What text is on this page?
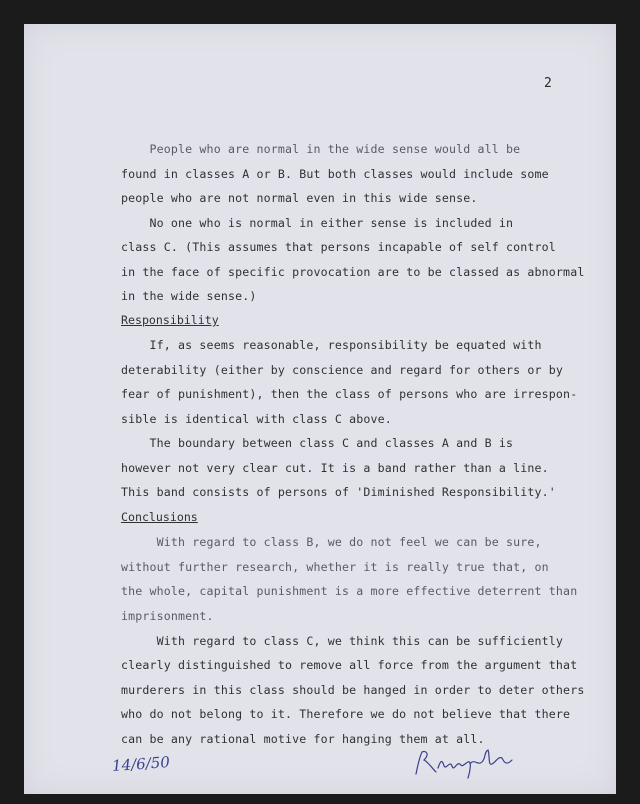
2
People who are normal in the wide sense would all be
found in classes A or B. But both classes would include some
people who are not normal even in this wide sense.
No one who is normal in either sense is included in
class C. (This assumes that persons incapable of self control
in the face of specific provocation are to be classed as abnormal
in the wide sense.)
Responsibility
If, as seems reasonable, responsibility be equated with
deterability (either by conscience and regard for others or by
fear of punishment), then the class of persons who are irrespon-
sible is identical with class C above.
The boundary between class C and classes A and B is
however not very clear cut. It is a band rather than a line.
This band consists of persons of 'Diminished Responsibility.'
Conclusions
With regard to class B, we do not feel we can be sure,
without further research, whether it is really true that, on
the whole, capital punishment is a more effective deterrent than
imprisonment.
With regard to class C, we think this can be sufficiently
clearly distinguished to remove all force from the argument that
murderers in this class should be hanged in order to deter others
who do not belong to it. Therefore we do not believe that there
can be any rational motive for hanging them at all.
14/6/50
